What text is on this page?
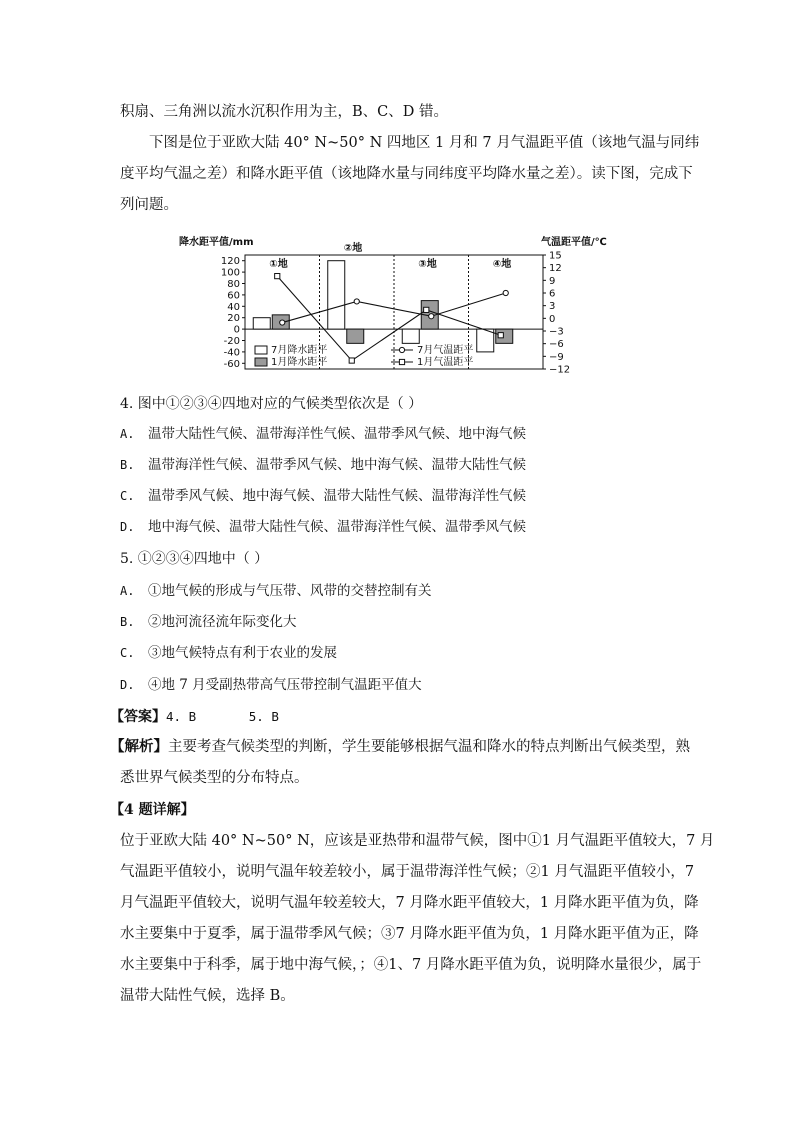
积扇、三角洲以流水沉积作用为主，B、C、D 错。
下图是位于亚欧大陆 40° N~50° N 四地区 1 月和 7 月气温距平值（该地气温与同纬
度平均气温之差）和降水距平值（该地降水量与同纬度平均降水量之差）。读下图，完成下
列问题。
降水距平值/mm	气温距平值/℃
120
100
80
60
40
20
0
-20
-40
-60
15
12
9
6
3
0
−3
−6
−9
−12
①地
②地
③地	④地
7月降水距平
1月降水距平
7月气温距平
1月气温距平
4. 图中①②③④四地对应的气候类型依次是（ ）
A. 温带大陆性气候、温带海洋性气候、温带季风气候、地中海气候
B. 温带海洋性气候、温带季风气候、地中海气候、温带大陆性气候
C. 温带季风气候、地中海气候、温带大陆性气候、温带海洋性气候
D. 地中海气候、温带大陆性气候、温带海洋性气候、温带季风气候
5. ①②③④四地中（ ）
A. ①地气候的形成与气压带、风带的交替控制有关
B. ②地河流径流年际变化大
C. ③地气候特点有利于农业的发展
D. ④地 7 月受副热带高气压带控制气温距平值大
【答案】4. B       5. B
【解析】主要考查气候类型的判断，学生要能够根据气温和降水的特点判断出气候类型，熟
悉世界气候类型的分布特点。
【4 题详解】
位于亚欧大陆 40° N~50° N，应该是亚热带和温带气候，图中①1 月气温距平值较大，7 月
气温距平值较小，说明气温年较差较小，属于温带海洋性气候；②1 月气温距平值较小，7
月气温距平值较大，说明气温年较差较大，7 月降水距平值较大，1 月降水距平值为负，降
水主要集中于夏季，属于温带季风气候；③7 月降水距平值为负，1 月降水距平值为正，降
水主要集中于科季，属于地中海气候，；④1、7 月降水距平值为负，说明降水量很少，属于
温带大陆性气候，选择 B。
